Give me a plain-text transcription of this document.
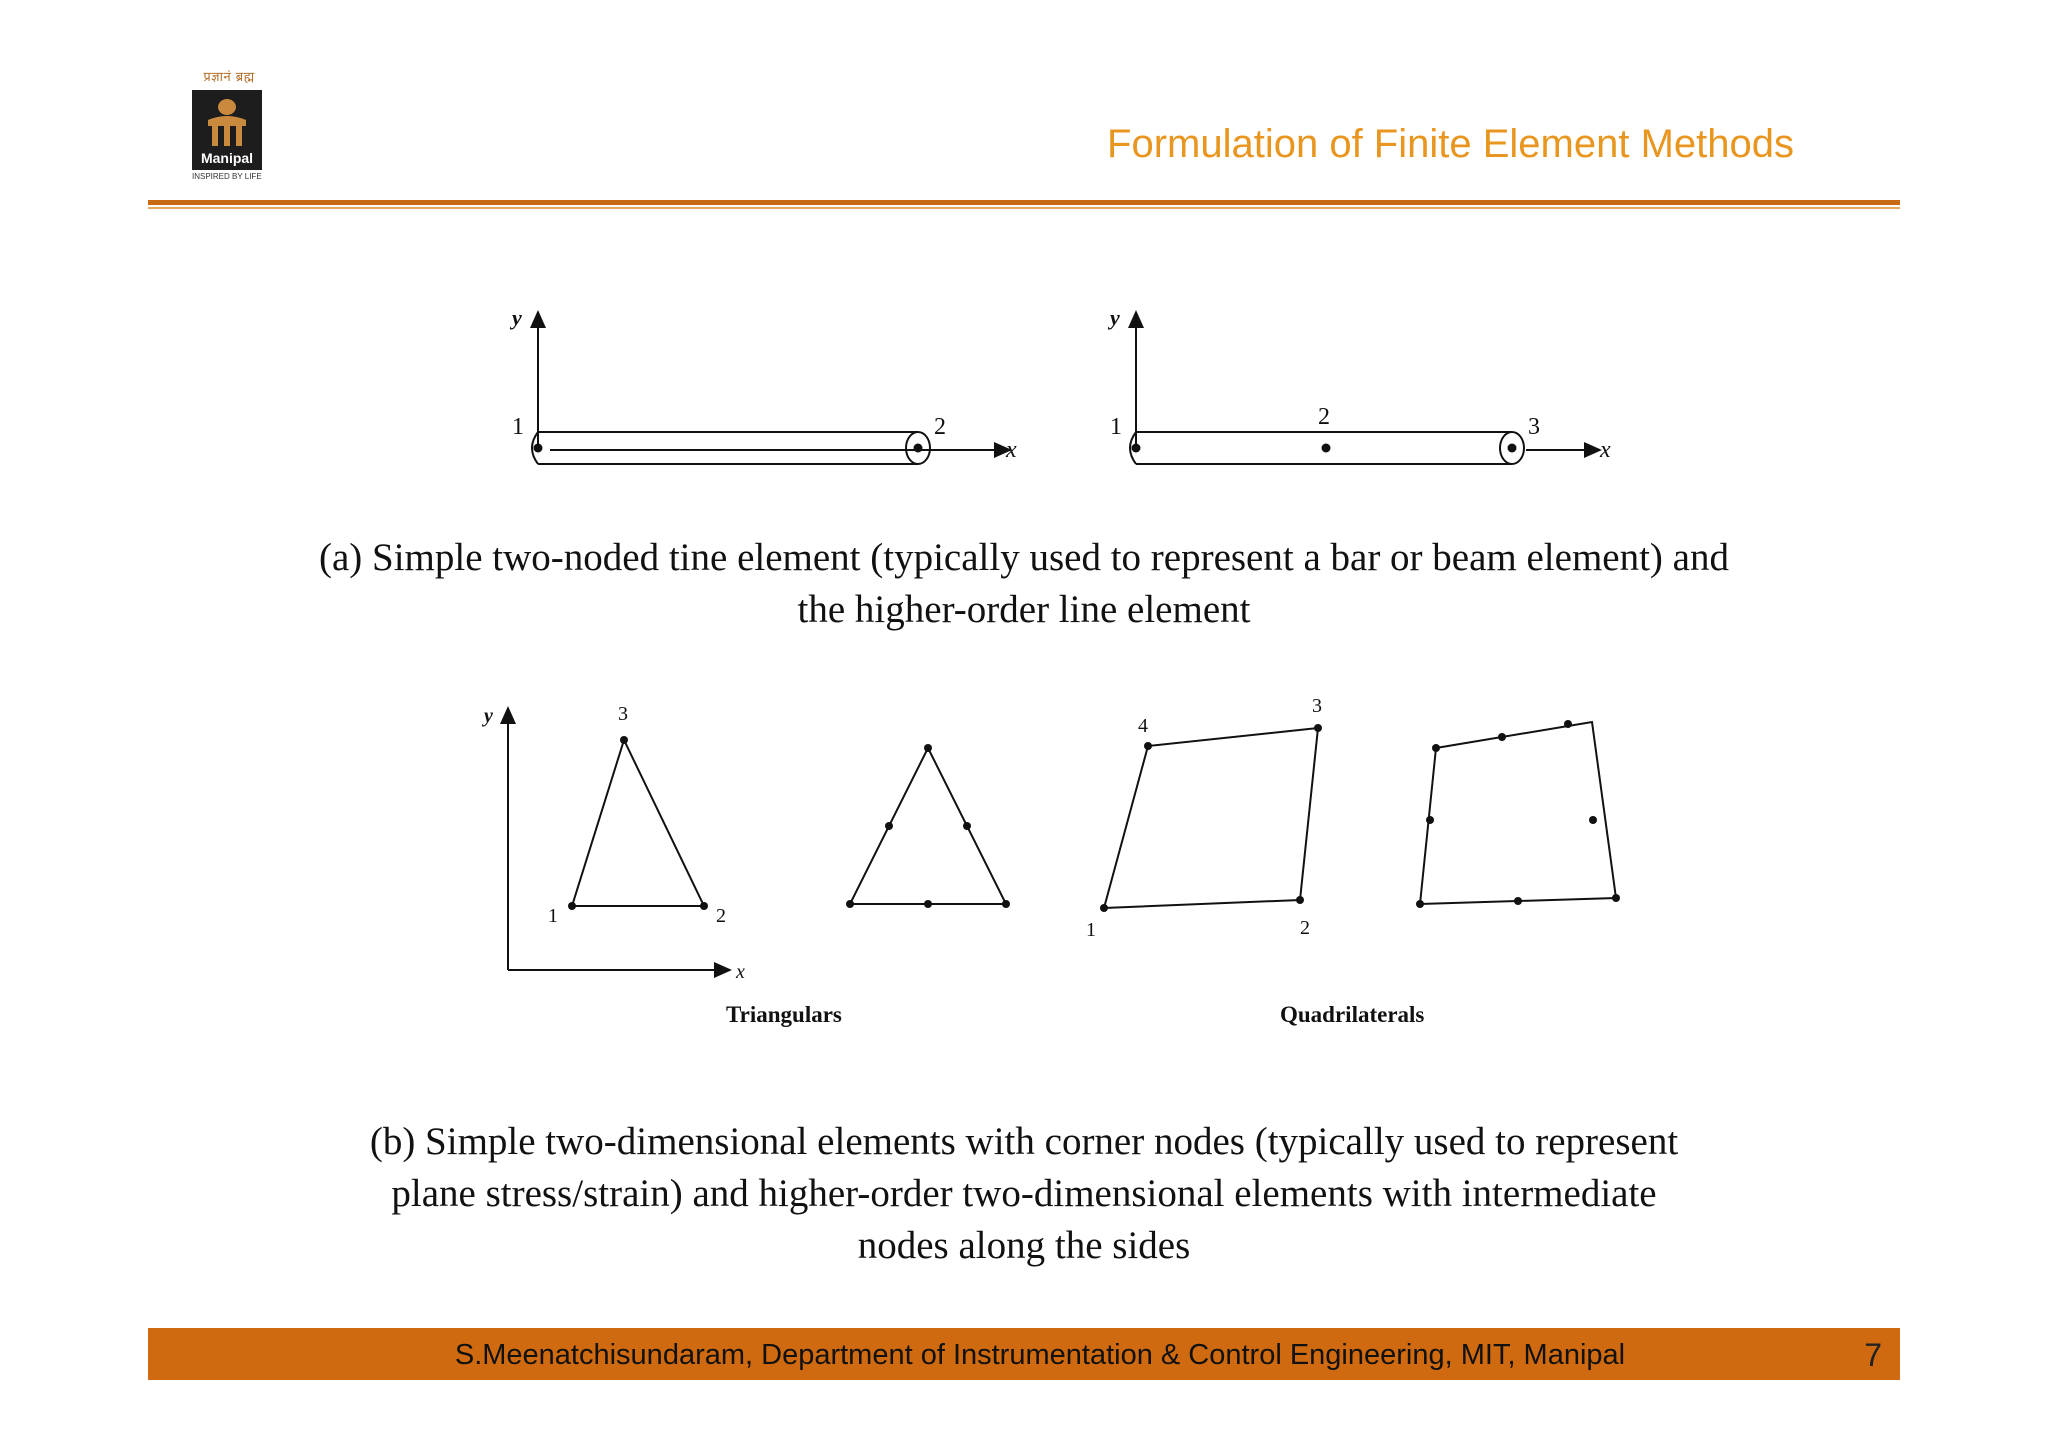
प्रज्ञानं ब्रह्म
Manipal
INSPIRED BY LIFE
Formulation of Finite Element Methods
y
x
1	2
y
x
1	2	3
y
x
1	2
3
1	2
3
4
Triangulars	Quadrilaterals
(a) Simple two-noded tine element (typically used to represent a bar or beam element) and
the higher-order line element
(b) Simple two-dimensional elements with corner nodes (typically used to represent
plane stress/strain) and higher-order two-dimensional elements with intermediate
nodes along the sides
S.Meenatchisundaram, Department of Instrumentation & Control Engineering, MIT, Manipal	7
